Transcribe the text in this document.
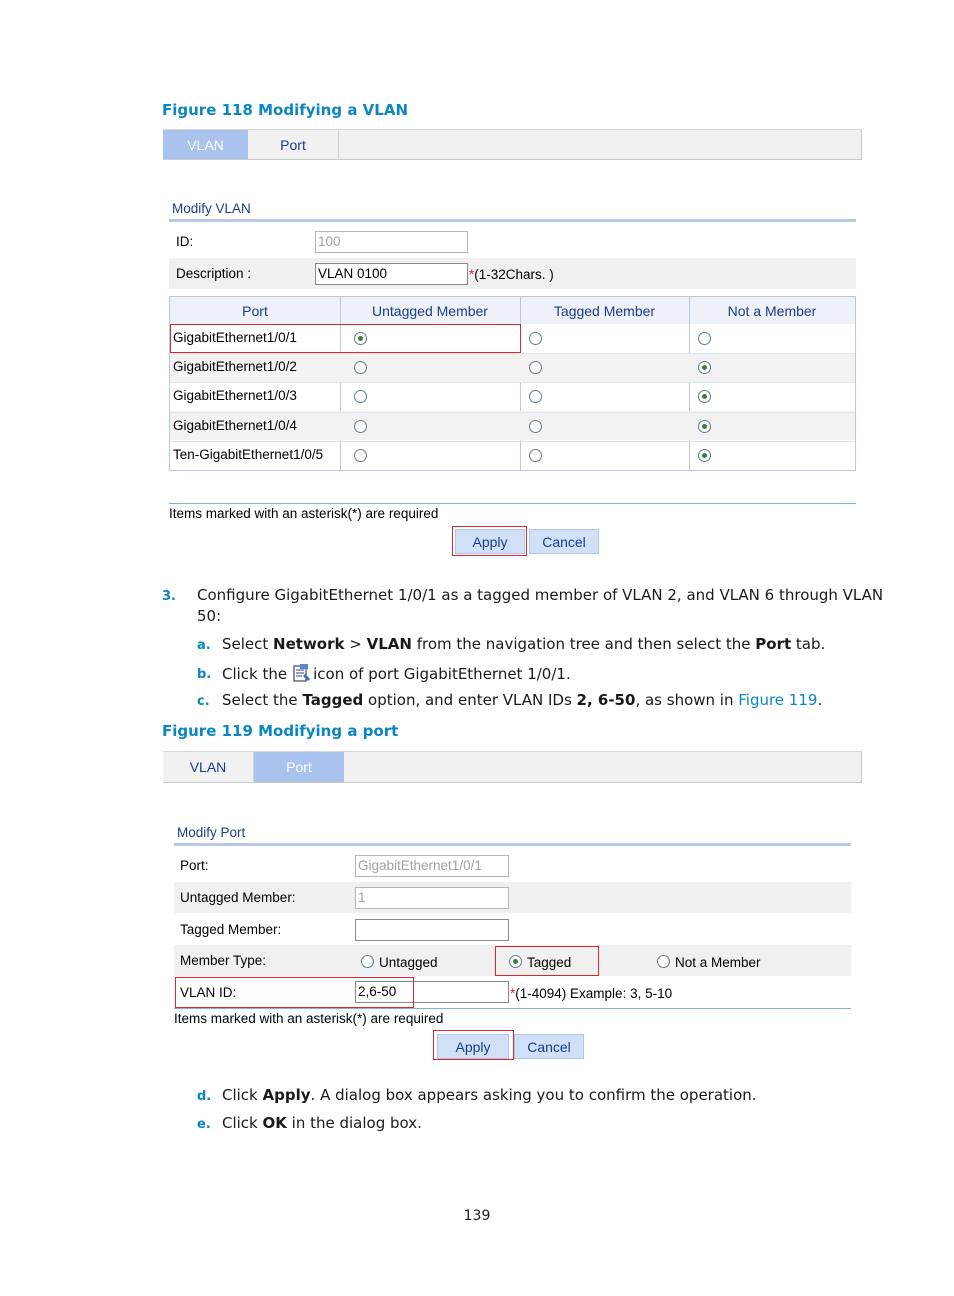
Figure 118 Modifying a VLAN
VLAN	Port
Modify VLAN
ID:	100
Description :	VLAN 0100	*(1-32Chars. )
Port	Untagged Member	Tagged Member	Not a Member
GigabitEthernet1/0/1
GigabitEthernet1/0/2
GigabitEthernet1/0/3
GigabitEthernet1/0/4
Ten-GigabitEthernet1/0/5
Items marked with an asterisk(*) are required
Apply	Cancel
3. Configure GigabitEthernet 1/0/1 as a tagged member of VLAN 2, and VLAN 6 through VLAN
50:
a. Select Network > VLAN from the navigation tree and then select the Port tab.
b. Click the icon of port GigabitEthernet 1/0/1.
c. Select the Tagged option, and enter VLAN IDs 2, 6-50, as shown in Figure 119.
Figure 119 Modifying a port
VLAN	Port
Modify Port
Port:	GigabitEthernet1/0/1
Untagged Member:	1
Tagged Member:
Member Type:	Untagged	Tagged	Not a Member
VLAN ID:	2,6-50	*(1-4094) Example: 3, 5-10
Items marked with an asterisk(*) are required
Apply	Cancel
d. Click Apply. A dialog box appears asking you to confirm the operation.
e. Click OK in the dialog box.
139
